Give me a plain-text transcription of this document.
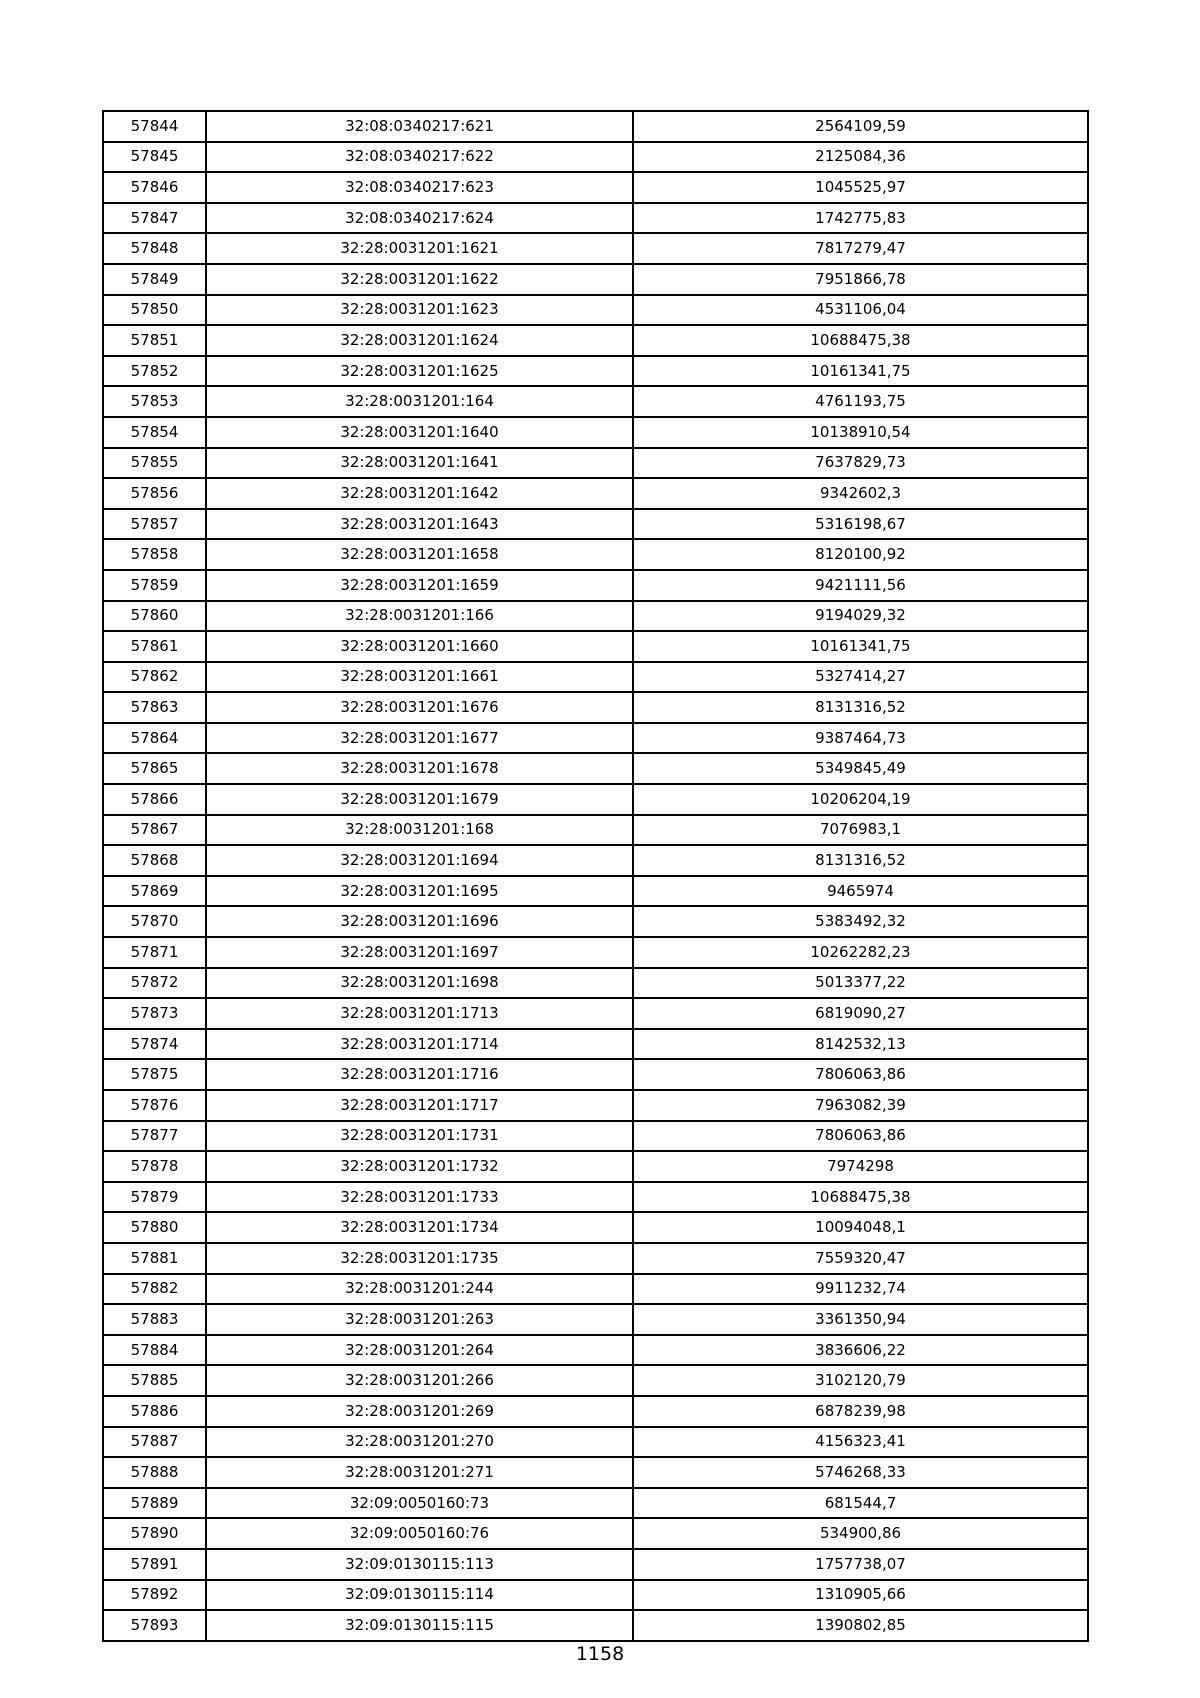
57844	32:08:0340217:621	2564109,59
57845	32:08:0340217:622	2125084,36
57846	32:08:0340217:623	1045525,97
57847	32:08:0340217:624	1742775,83
57848	32:28:0031201:1621	7817279,47
57849	32:28:0031201:1622	7951866,78
57850	32:28:0031201:1623	4531106,04
57851	32:28:0031201:1624	10688475,38
57852	32:28:0031201:1625	10161341,75
57853	32:28:0031201:164	4761193,75
57854	32:28:0031201:1640	10138910,54
57855	32:28:0031201:1641	7637829,73
57856	32:28:0031201:1642	9342602,3
57857	32:28:0031201:1643	5316198,67
57858	32:28:0031201:1658	8120100,92
57859	32:28:0031201:1659	9421111,56
57860	32:28:0031201:166	9194029,32
57861	32:28:0031201:1660	10161341,75
57862	32:28:0031201:1661	5327414,27
57863	32:28:0031201:1676	8131316,52
57864	32:28:0031201:1677	9387464,73
57865	32:28:0031201:1678	5349845,49
57866	32:28:0031201:1679	10206204,19
57867	32:28:0031201:168	7076983,1
57868	32:28:0031201:1694	8131316,52
57869	32:28:0031201:1695	9465974
57870	32:28:0031201:1696	5383492,32
57871	32:28:0031201:1697	10262282,23
57872	32:28:0031201:1698	5013377,22
57873	32:28:0031201:1713	6819090,27
57874	32:28:0031201:1714	8142532,13
57875	32:28:0031201:1716	7806063,86
57876	32:28:0031201:1717	7963082,39
57877	32:28:0031201:1731	7806063,86
57878	32:28:0031201:1732	7974298
57879	32:28:0031201:1733	10688475,38
57880	32:28:0031201:1734	10094048,1
57881	32:28:0031201:1735	7559320,47
57882	32:28:0031201:244	9911232,74
57883	32:28:0031201:263	3361350,94
57884	32:28:0031201:264	3836606,22
57885	32:28:0031201:266	3102120,79
57886	32:28:0031201:269	6878239,98
57887	32:28:0031201:270	4156323,41
57888	32:28:0031201:271	5746268,33
57889	32:09:0050160:73	681544,7
57890	32:09:0050160:76	534900,86
57891	32:09:0130115:113	1757738,07
57892	32:09:0130115:114	1310905,66
57893	32:09:0130115:115	1390802,85
1158
